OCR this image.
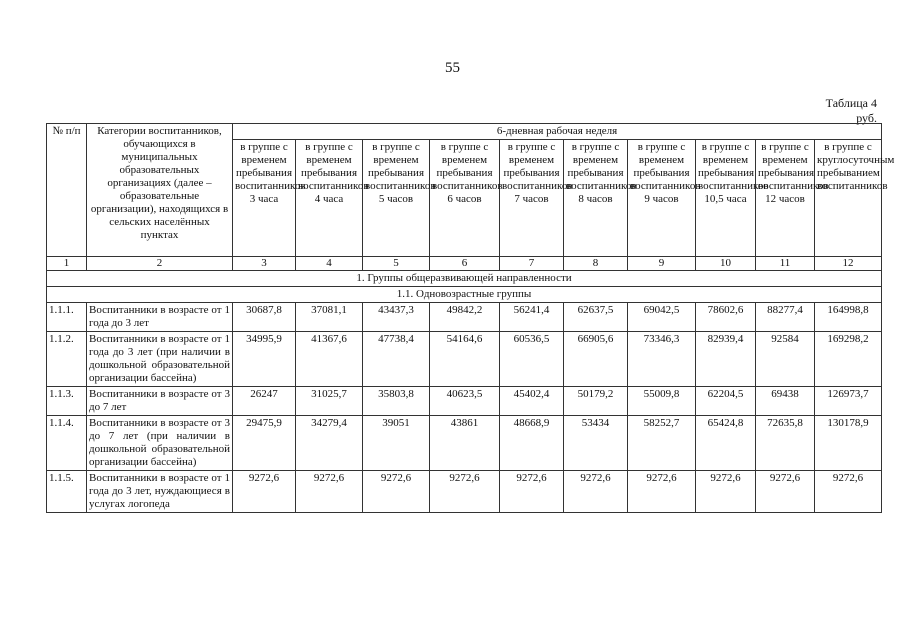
55
Таблица 4
руб.
№ п/п	Категории воспитанников, обучающихся в муниципальных образовательных организациях (далее – образовательные организации), находящихся в сельских населённых пунктах	6-дневная рабочая неделя									
		в группе с временем пребывания воспитанников 3 часа	в группе с временем пребывания воспитанников 4 часа	в группе с временем пребывания воспитанников 5 часов	в группе с временем пребывания воспитанников 6 часов	в группе с временем пребывания воспитанников 7 часов	в группе с временем пребывания воспитанников 8 часов	в группе с временем пребывания воспитанников 9 часов	в группе с временем пребывания воспитанников 10,5 часа	в группе с временем пребывания воспитанников 12 часов	в группе с круглосуточным пребыванием воспитанников
1	2	3	4	5	6	7	8	9	10	11	12
1. Группы общеразвивающей направленности											
1.1. Одновозрастные группы											
1.1.1.	Воспитанники в возрасте от 1 года до 3 лет	30687,8	37081,1	43437,3	49842,2	56241,4	62637,5	69042,5	78602,6	88277,4	164998,8
1.1.2.	Воспитанники в возрасте от 1 года до 3 лет (при наличии в дошкольной образовательной организации бассейна)	34995,9	41367,6	47738,4	54164,6	60536,5	66905,6	73346,3	82939,4	92584	169298,2
1.1.3.	Воспитанники в возрасте от 3 до 7 лет	26247	31025,7	35803,8	40623,5	45402,4	50179,2	55009,8	62204,5	69438	126973,7
1.1.4.	Воспитанники в возрасте от 3 до 7 лет (при наличии в дошкольной образовательной организации бассейна)	29475,9	34279,4	39051	43861	48668,9	53434	58252,7	65424,8	72635,8	130178,9
1.1.5.	Воспитанники в возрасте от 1 года до 3 лет, нуждающиеся в услугах логопеда	9272,6	9272,6	9272,6	9272,6	9272,6	9272,6	9272,6	9272,6	9272,6	9272,6
